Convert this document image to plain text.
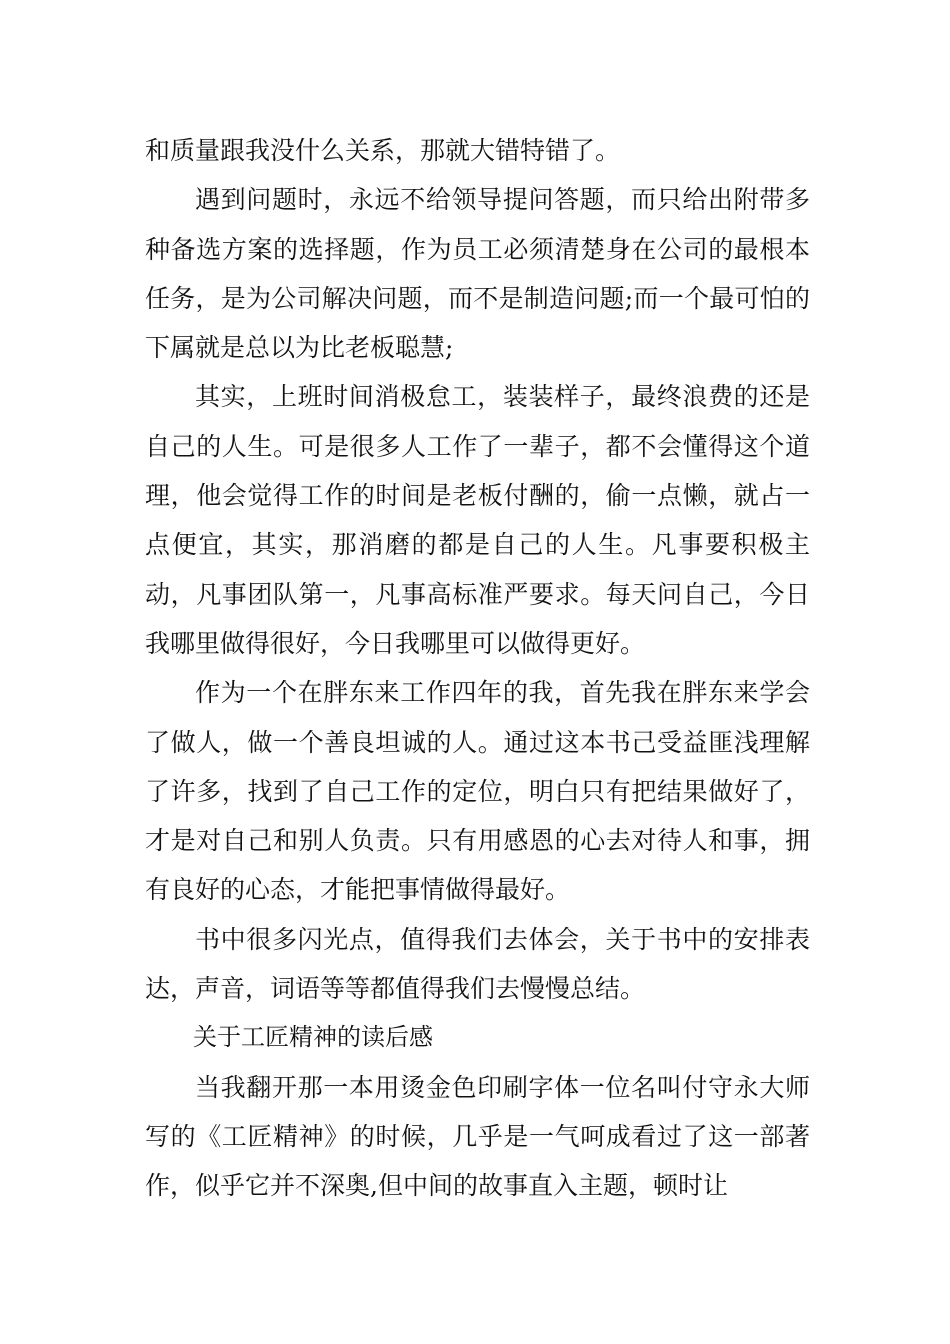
和质量跟我没什么关系，那就大错特错了。

遇到问题时，永远不给领导提问答题，而只给出附带多种备选方案的选择题，作为员工必须清楚身在公司的最根本任务，是为公司解决问题，而不是制造问题;而一个最可怕的下属就是总以为比老板聪慧;

其实，上班时间消极怠工，装装样子，最终浪费的还是自己的人生。可是很多人工作了一辈子，都不会懂得这个道理，他会觉得工作的时间是老板付酬的，偷一点懒，就占一点便宜，其实，那消磨的都是自己的人生。凡事要积极主动，凡事团队第一，凡事高标准严要求。每天问自己，今日我哪里做得很好，今日我哪里可以做得更好。

作为一个在胖东来工作四年的我，首先我在胖东来学会了做人，做一个善良坦诚的人。通过这本书己受益匪浅理解了许多，找到了自己工作的定位，明白只有把结果做好了，才是对自己和别人负责。只有用感恩的心去对待人和事，拥有良好的心态，才能把事情做得最好。

书中很多闪光点，值得我们去体会，关于书中的安排表达，声音，词语等等都值得我们去慢慢总结。

关于工匠精神的读后感

当我翻开那一本用烫金色印刷字体一位名叫付守永大师写的《工匠精神》的时候，几乎是一气呵成看过了这一部著作，似乎它并不深奥,但中间的故事直入主题，顿时让
